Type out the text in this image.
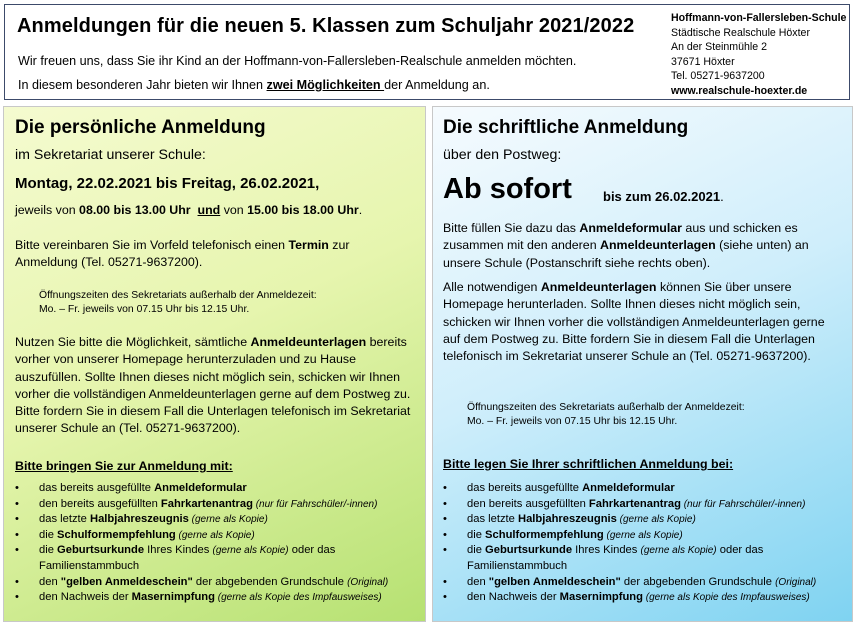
Anmeldungen für die neuen 5. Klassen zum Schuljahr 2021/2022
Wir freuen uns, dass Sie ihr Kind an der Hoffmann-von-Fallersleben-Realschule anmelden möchten.
In diesem besonderen Jahr bieten wir Ihnen zwei Möglichkeiten der Anmeldung an.
Hoffmann-von-Fallersleben-Schule
Städtische Realschule Höxter
An der Steinmühle 2
37671 Höxter
Tel. 05271-9637200
www.realschule-hoexter.de
Die persönliche Anmeldung
im Sekretariat unserer Schule:
Montag, 22.02.2021 bis Freitag, 26.02.2021,
jeweils von 08.00 bis 13.00 Uhr und von 15.00 bis 18.00 Uhr.
Bitte vereinbaren Sie im Vorfeld telefonisch einen Termin zur Anmeldung (Tel. 05271-9637200).
Öffnungszeiten des Sekretariats außerhalb der Anmeldezeit:
Mo. – Fr. jeweils von 07.15 Uhr bis 12.15 Uhr.
Nutzen Sie bitte die Möglichkeit, sämtliche Anmeldeunterlagen bereits vorher von unserer Homepage herunterzuladen und zu Hause auszufüllen. Sollte Ihnen dieses nicht möglich sein, schicken wir Ihnen vorher die vollständigen Anmeldeunterlagen gerne auf dem Postweg zu. Bitte fordern Sie in diesem Fall die Unterlagen telefonisch im Sekretariat unserer Schule an (Tel. 05271-9637200).
Bitte bringen Sie zur Anmeldung mit:
• das bereits ausgefüllte Anmeldeformular
• den bereits ausgefüllten Fahrkartenantrag (nur für Fahrschüler/-innen)
• das letzte Halbjahreszeugnis (gerne als Kopie)
• die Schulformempfehlung (gerne als Kopie)
• die Geburtsurkunde Ihres Kindes (gerne als Kopie) oder das Familienstammbuch
• den "gelben Anmeldeschein" der abgebenden Grundschule (Original)
• den Nachweis der Masernimpfung (gerne als Kopie des Impfausweises)
Die schriftliche Anmeldung
über den Postweg:
Ab sofort bis zum 26.02.2021.
Bitte füllen Sie dazu das Anmeldeformular aus und schicken es zusammen mit den anderen Anmeldeunterlagen (siehe unten) an unsere Schule (Postanschrift siehe rechts oben).
Alle notwendigen Anmeldeunterlagen können Sie über unsere Homepage herunterladen. Sollte Ihnen dieses nicht möglich sein, schicken wir Ihnen vorher die vollständigen Anmeldeunterlagen gerne auf dem Postweg zu. Bitte fordern Sie in diesem Fall die Unterlagen telefonisch im Sekretariat unserer Schule an (Tel. 05271-9637200).
Öffnungszeiten des Sekretariats außerhalb der Anmeldezeit:
Mo. – Fr. jeweils von 07.15 Uhr bis 12.15 Uhr.
Bitte legen Sie Ihrer schriftlichen Anmeldung bei:
• das bereits ausgefüllte Anmeldeformular
• den bereits ausgefüllten Fahrkartenantrag (nur für Fahrschüler/-innen)
• das letzte Halbjahreszeugnis (gerne als Kopie)
• die Schulformempfehlung (gerne als Kopie)
• die Geburtsurkunde Ihres Kindes (gerne als Kopie) oder das Familienstammbuch
• den "gelben Anmeldeschein" der abgebenden Grundschule (Original)
• den Nachweis der Masernimpfung (gerne als Kopie des Impfausweises)
